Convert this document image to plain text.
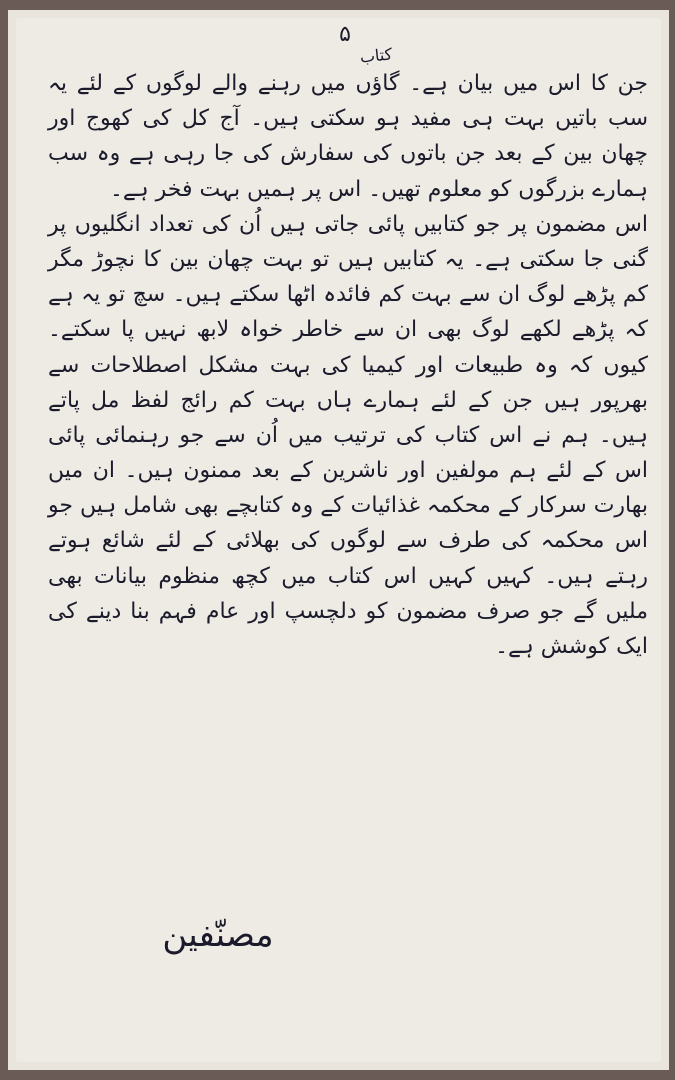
۵
کتاب

جن کا اس میں بیان ہے۔ گاؤں میں رہنے والے لوگوں کے لئے یہ سب باتیں بہت ہی مفید ہو سکتی ہیں۔ آج کل کی کھوج اور چھان بین کے بعد جن باتوں کی سفارش کی جا رہی ہے وہ سب ہمارے بزرگوں کو معلوم تھیں۔ اس پر ہمیں بہت فخر ہے۔

اس مضمون پر جو کتابیں پائی جاتی ہیں اُن کی تعداد انگلیوں پر گنی جا سکتی ہے۔ یہ کتابیں ہیں تو بہت چھان بین کا نچوڑ مگر کم پڑھے لوگ ان سے بہت کم فائدہ اٹھا سکتے ہیں۔ سچ تو یہ ہے کہ پڑھے لکھے لوگ بھی ان سے خاطر خواہ لابھ نہیں پا سکتے۔ کیوں کہ وہ طبیعات اور کیمیا کی بہت مشکل اصطلاحات سے بھرپور ہیں جن کے لئے ہمارے ہاں بہت کم رائج لفظ مل پاتے ہیں۔ ہم نے اس کتاب کی ترتیب میں اُن سے جو رہنمائی پائی اس کے لئے ہم مولفین اور ناشرین کے بعد ممنون ہیں۔ ان میں بھارت سرکار کے محکمہ غذائیات کے وہ کتابچے بھی شامل ہیں جو اس محکمہ کی طرف سے لوگوں کی بھلائی کے لئے شائع ہوتے رہتے ہیں۔ کہیں کہیں اس کتاب میں کچھ منظوم بیانات بھی ملیں گے جو صرف مضمون کو دلچسپ اور عام فہم بنا دینے کی ایک کوشش ہے۔

مصنّفین
